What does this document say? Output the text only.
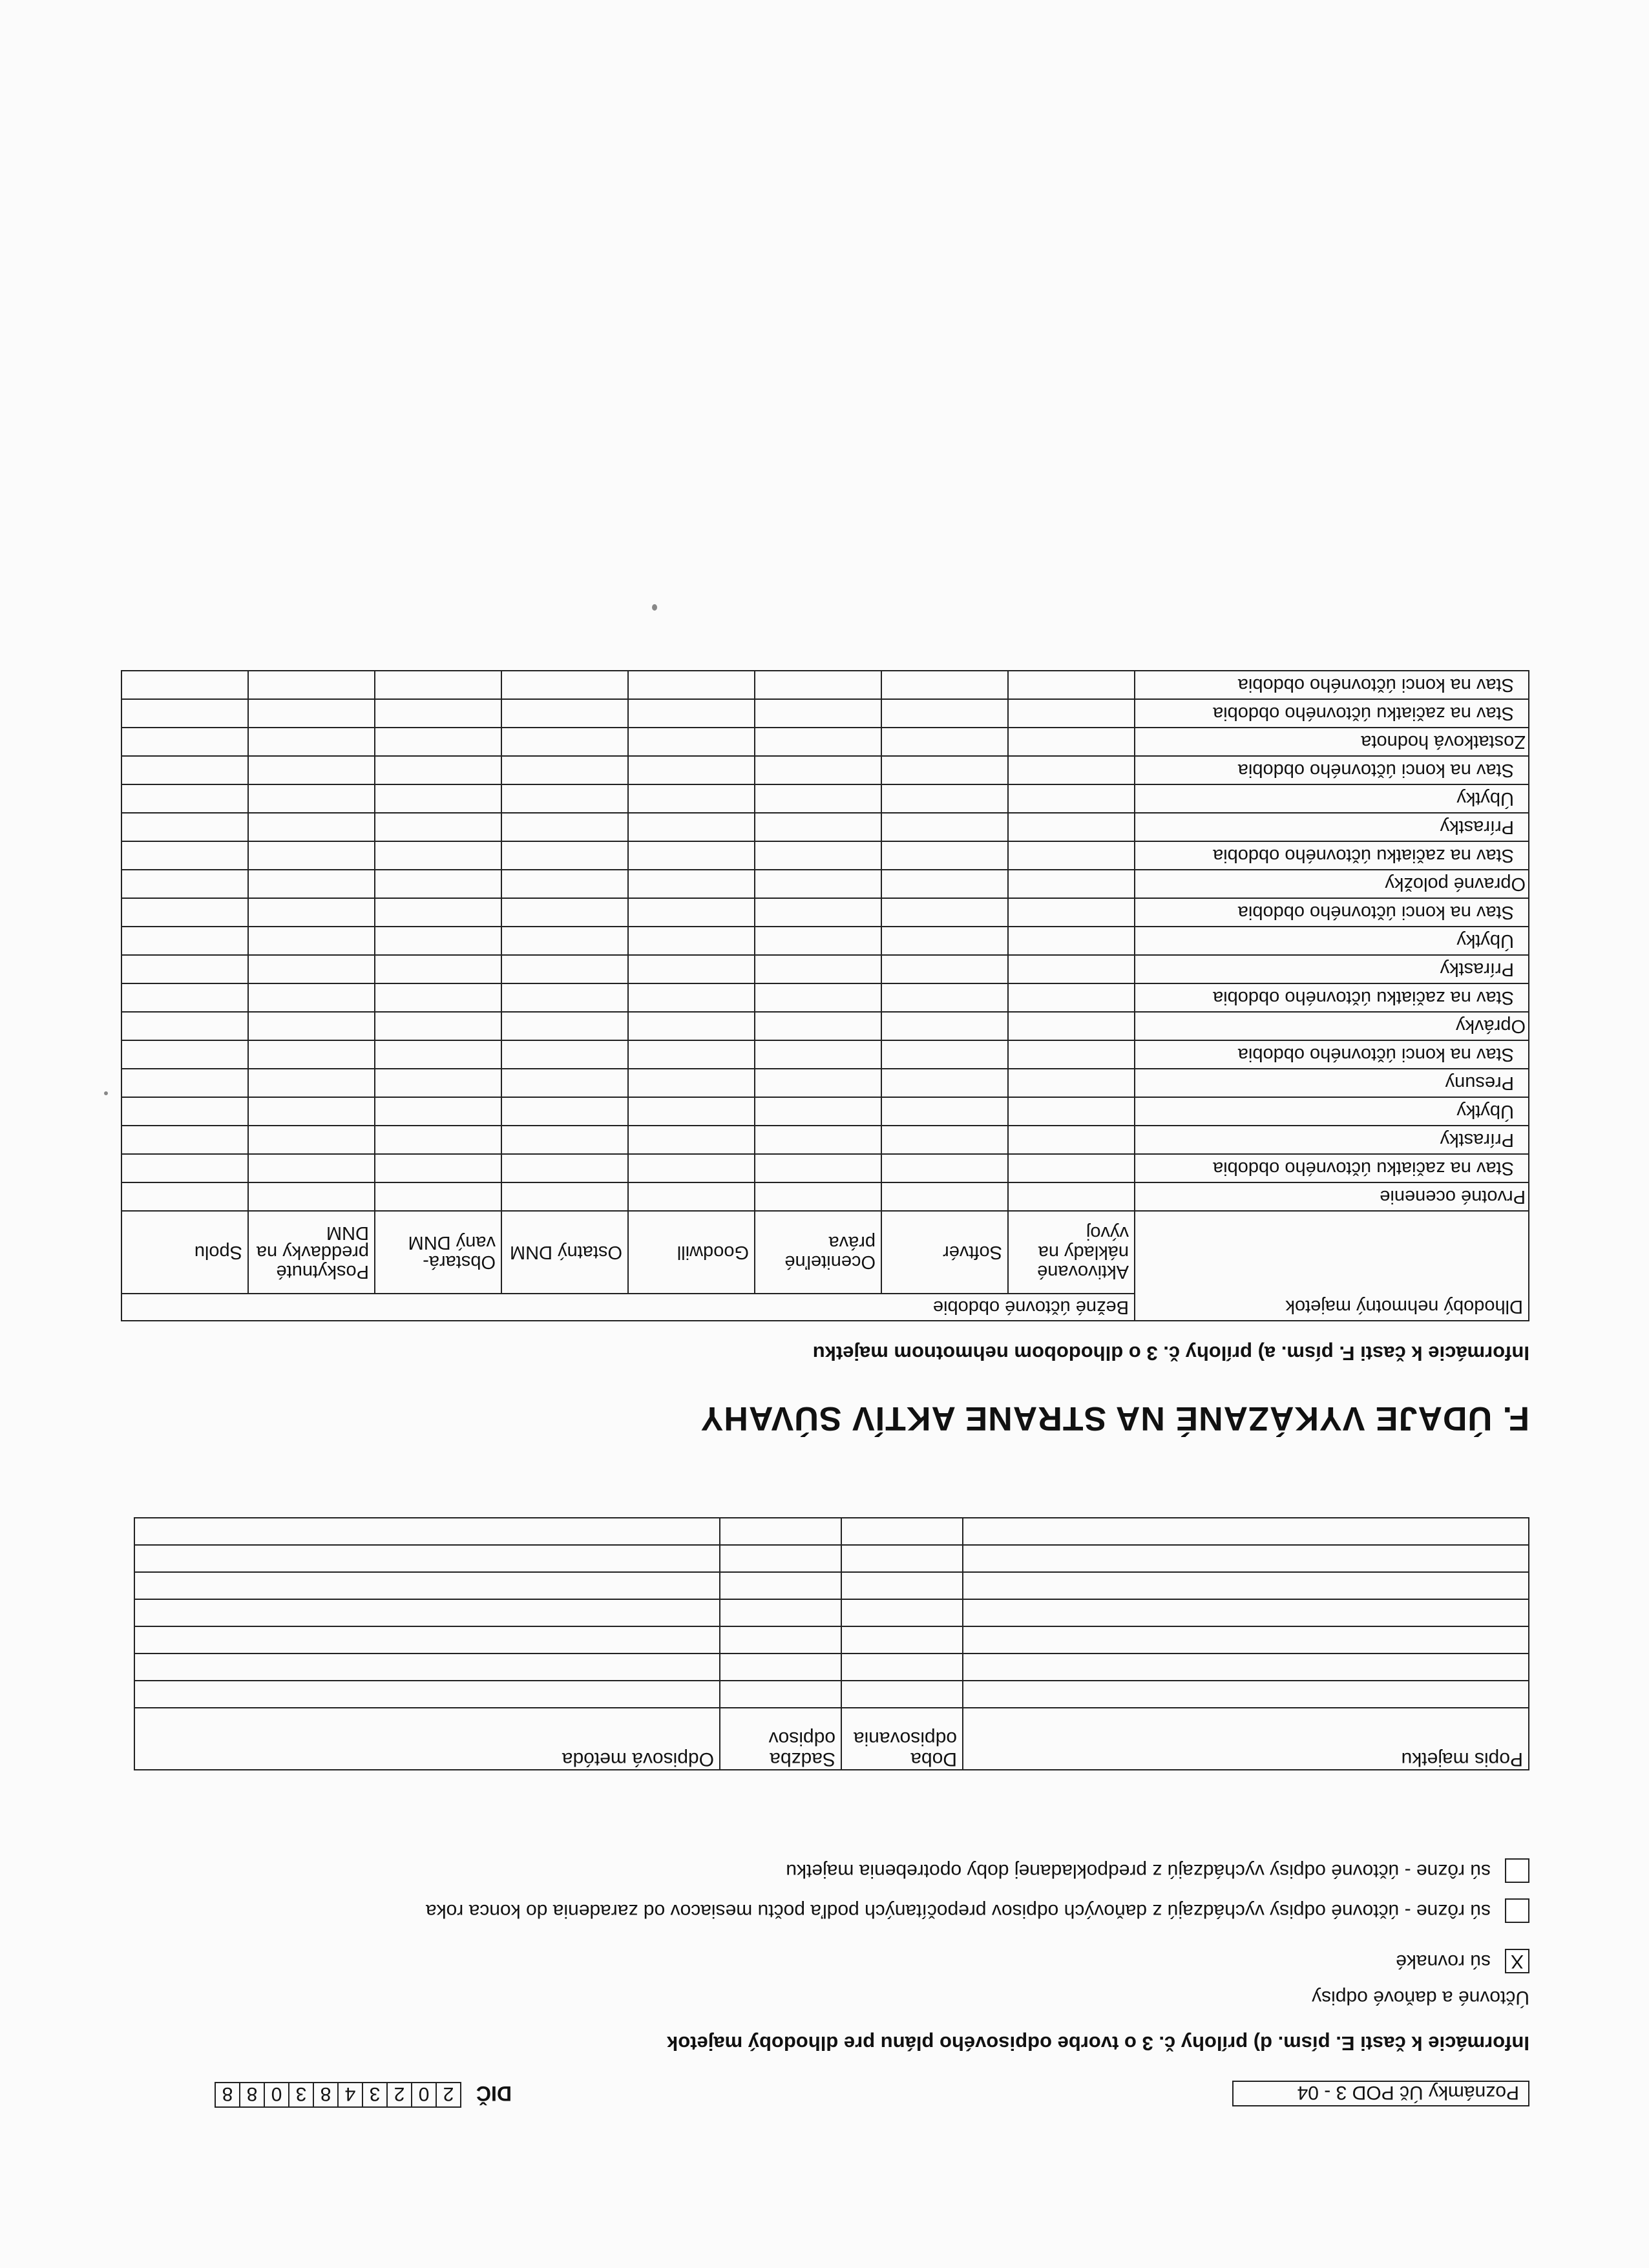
Poznámky Úč POD 3 - 04
DIČ
2
0
2
3
4
8
3
0
8
8
Informácie k časti E. písm. d) prílohy č. 3 o tvorbe odpisového plánu pre dlhodobý majetok
Účtovné a daňové odpisy
X
sú rovnaké
sú rôzne - účtovné odpisy vychádzajú z daňových odpisov prepočítaných podľa počtu mesiacov od zaradenia do konca roka
sú rôzne - účtovné odpisy vychádzajú z predpokladanej doby opotrebenia majetku
Popis majetku	Doba odpisovania	Sadzba odpisov	Odpisová metóda

F. ÚDAJE VYKÁZANÉ NA STRANE AKTÍV SÚVAHY
Informácie k časti F. písm. a) prílohy č. 3 o dlhodobom nehmotnom majetku
Dlhodobý nehmotný majetok	Bežné účtovné obdobie							
	Aktivované náklady na vývoj	Softvér	Oceniteľné práva	Goodwill	Ostatný DNM	Obstará- vaný DNM	Poskytnuté preddavky na DNM	Spolu
Prvotné ocenenie								
Stav na začiatku účtovného obdobia								
Prírastky								
Úbytky								
Presuny								
Stav na konci účtovného obdobia								
Oprávky								
Stav na začiatku účtovného obdobia								
Prírastky								
Úbytky								
Stav na konci účtovného obdobia								
Opravné položky								
Stav na začiatku účtovného obdobia								
Prírastky								
Úbytky								
Stav na konci účtovného obdobia								
Zostatková hodnota								
Stav na začiatku účtovného obdobia								
Stav na konci účtovného obdobia								
